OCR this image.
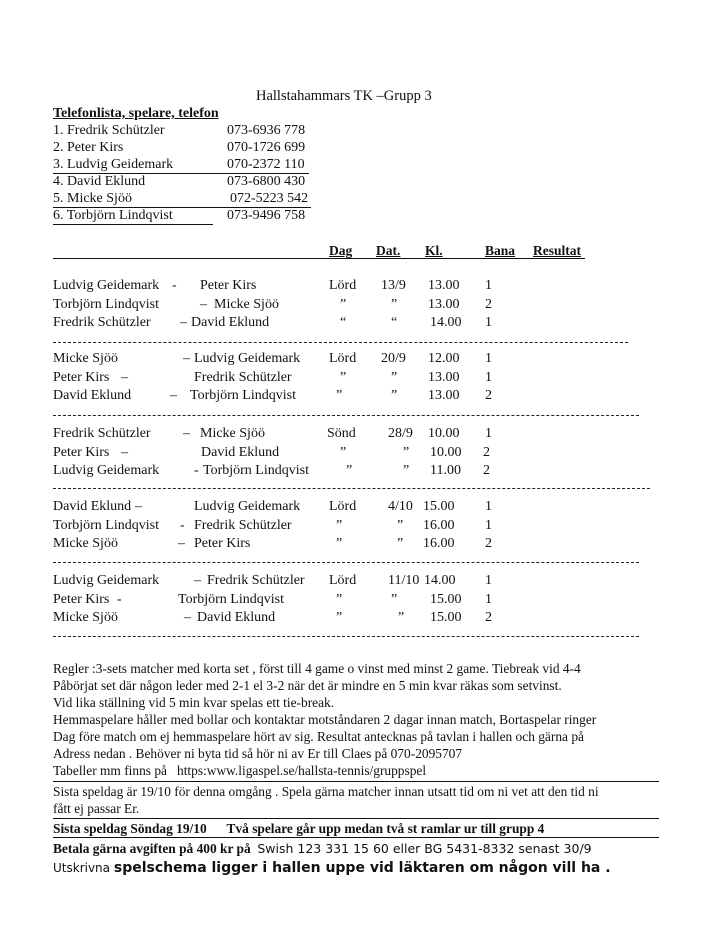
Hallstahammars TK –Grupp 3
Telefonlista, spelare, telefon
1. Fredrik Schützler	073-6936 778
2. Peter Kirs	070-1726 699
3. Ludvig Geidemark	070-2372 110
4. David Eklund	073-6800 430
5. Micke Sjöö	072-5223 542
6. Torbjörn Lindqvist	073-9496 758
Dag Dat. Kl.	Bana Resultat
Ludvig Geidemark - Peter Kirs	Lörd 13/9 13.00 1
Torbjörn Lindqvist	– Micke Sjöö	”	” 13.00 2
Fredrik Schützler – David Eklund	“	“ 14.00 1
Micke Sjöö	– Ludvig Geidemark Lörd 20/9 12.00 1
Peter Kirs –	Fredrik Schützler	”	” 13.00 1
David Eklund	– Torbjörn Lindqvist	”	” 13.00 2
Fredrik Schützler – Micke Sjöö	Sönd 28/9 10.00 1
Peter Kirs –	David Eklund	”	” 10.00 2
Ludvig Geidemark - Torbjörn Lindqvist	”	” 11.00 2
David Eklund –	Ludvig Geidemark Lörd 4/10 15.00 1
Torbjörn Lindqvist - Fredrik Schützler	”	” 16.00 1
Micke Sjöö	– Peter Kirs	”	” 16.00 2
Ludvig Geidemark – Fredrik Schützler Lörd 11/10 14.00 1
Peter Kirs -	Torbjörn Lindqvist	”	” 15.00 1
Micke Sjöö	– David Eklund	”	” 15.00 2
Regler :3-sets matcher med korta set , först till 4 game o vinst med minst 2 game. Tiebreak vid 4-4
Påbörjat set där någon leder med 2-1 el 3-2 när det är mindre en 5 min kvar räkas som setvinst.
Vid lika ställning vid 5 min kvar spelas ett tie-break.
Hemmaspelare håller med bollar och kontaktar motståndaren 2 dagar innan match, Bortaspelar ringer
Dag före match om ej hemmaspelare hört av sig. Resultat antecknas på tavlan i hallen och gärna på
Adress nedan . Behöver ni byta tid så hör ni av Er till Claes på 070-2095707
Tabeller mm finns på https:www.ligaspel.se/hallsta-tennis/gruppspel
Sista speldag är 19/10 för denna omgång . Spela gärna matcher innan utsatt tid om ni vet att den tid ni
fått ej passar Er.
Sista speldag Söndag 19/10 Två spelare går upp medan två st ramlar ur till grupp 4
Betala gärna avgiften på 400 kr på Swish 123 331 15 60 eller BG 5431-8332 senast 30/9
Utskrivna spelschema ligger i hallen uppe vid läktaren om någon vill ha .
